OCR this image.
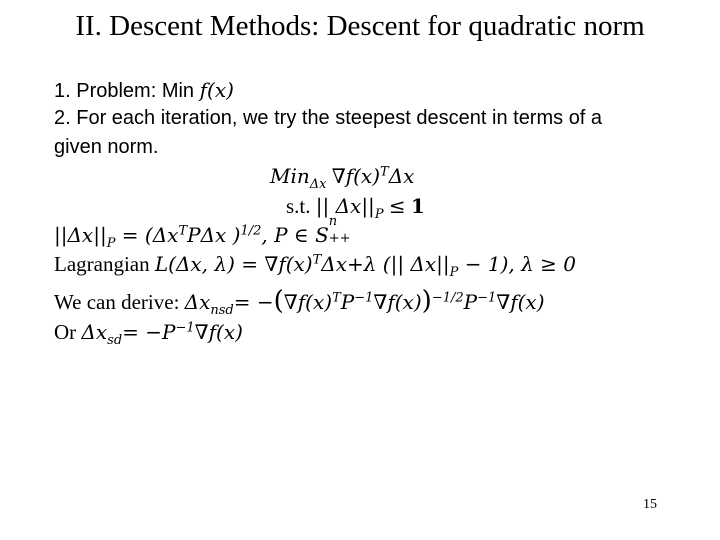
II. Descent Methods: Descent for quadratic norm
1. Problem: Min f(x)
2. For each iteration, we try the steepest descent in terms of a
given norm.
Min$_{\Delta x}$ $\nabla f(x)^T\Delta x$
s.t. || $\Delta x||_P \le 1$
$||\Delta x||_P = (\Delta x^TP\Delta x$ )$^{1/2}$, P ∈ S
n
++
Lagrangian L(Δx, $\lambda) = \nabla f(x)^T\Delta x+\lambda$ (|| $\Delta x||_P - 1$), λ ≥ 0
We can derive: $\Delta x_{nsd}= -(\nabla f(x)^TP^{-1}\nabla f(x))^{-1/2}P^{-1}\nabla f(x)$
Or $\Delta x_{sd}= -P^{-1}\nabla f(x)$
15
